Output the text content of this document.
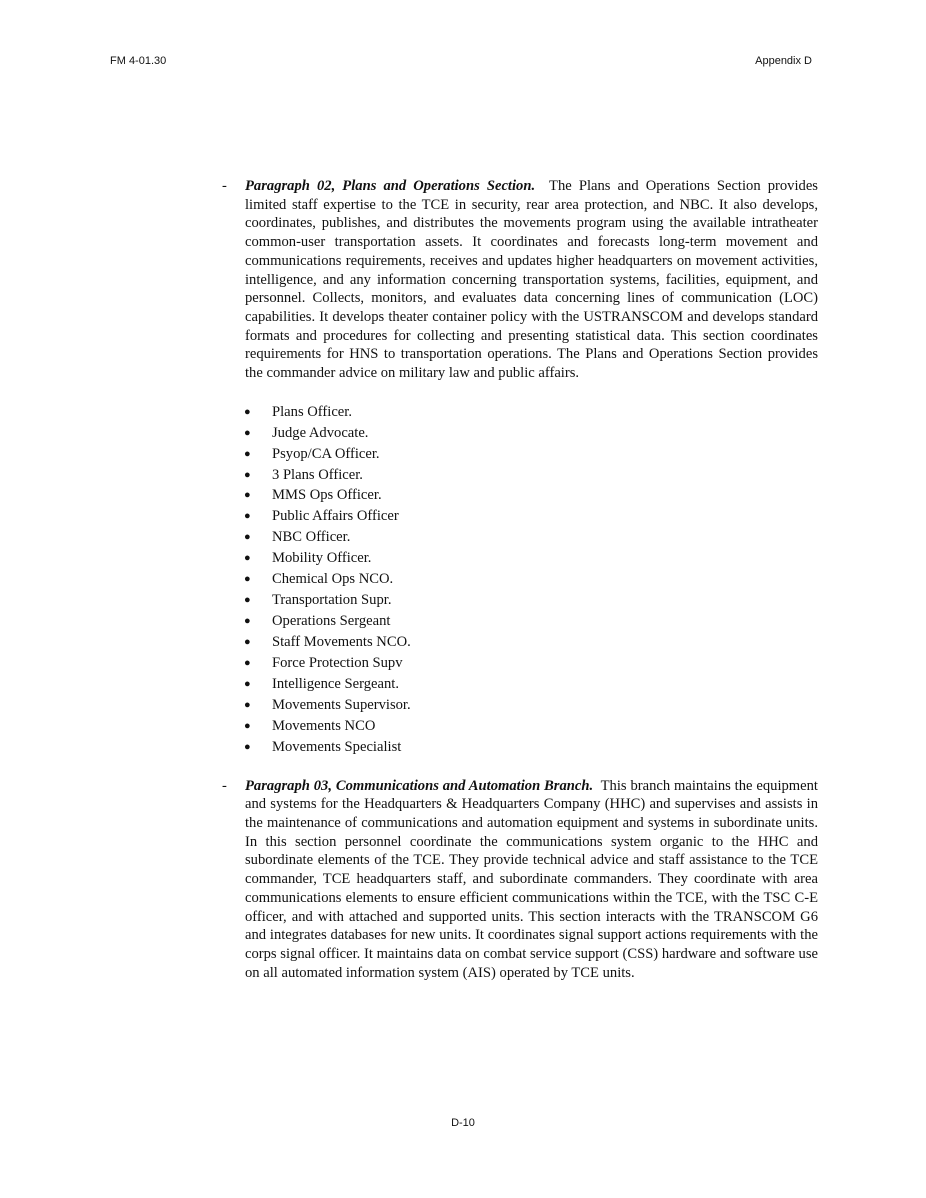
FM 4-01.30	Appendix D
- Paragraph 02, Plans and Operations Section. The Plans and Operations Section provides limited staff expertise to the TCE in security, rear area protection, and NBC. It also develops, coordinates, publishes, and distributes the movements program using the available intratheater common-user transportation assets. It coordinates and forecasts long-term movement and communications requirements, receives and updates higher headquarters on movement activities, intelligence, and any information concerning transportation systems, facilities, equipment, and personnel. Collects, monitors, and evaluates data concerning lines of communication (LOC) capabilities. It develops theater container policy with the USTRANSCOM and develops standard formats and procedures for collecting and presenting statistical data. This section coordinates requirements for HNS to transportation operations. The Plans and Operations Section provides the commander advice on military law and public affairs.
● Plans Officer.
● Judge Advocate.
● Psyop/CA Officer.
● 3 Plans Officer.
● MMS Ops Officer.
● Public Affairs Officer
● NBC Officer.
● Mobility Officer.
● Chemical Ops NCO.
● Transportation Supr.
● Operations Sergeant
● Staff Movements NCO.
● Force Protection Supv
● Intelligence Sergeant.
● Movements Supervisor.
● Movements NCO
● Movements Specialist
- Paragraph 03, Communications and Automation Branch. This branch maintains the equipment and systems for the Headquarters & Headquarters Company (HHC) and supervises and assists in the maintenance of communications and automation equipment and systems in subordinate units. In this section personnel coordinate the communications system organic to the HHC and subordinate elements of the TCE. They provide technical advice and staff assistance to the TCE commander, TCE headquarters staff, and subordinate commanders. They coordinate with area communications elements to ensure efficient communications within the TCE, with the TSC C-E officer, and with attached and supported units. This section interacts with the TRANSCOM G6 and integrates databases for new units. It coordinates signal support actions requirements with the corps signal officer. It maintains data on combat service support (CSS) hardware and software use on all automated information system (AIS) operated by TCE units.
D-10
